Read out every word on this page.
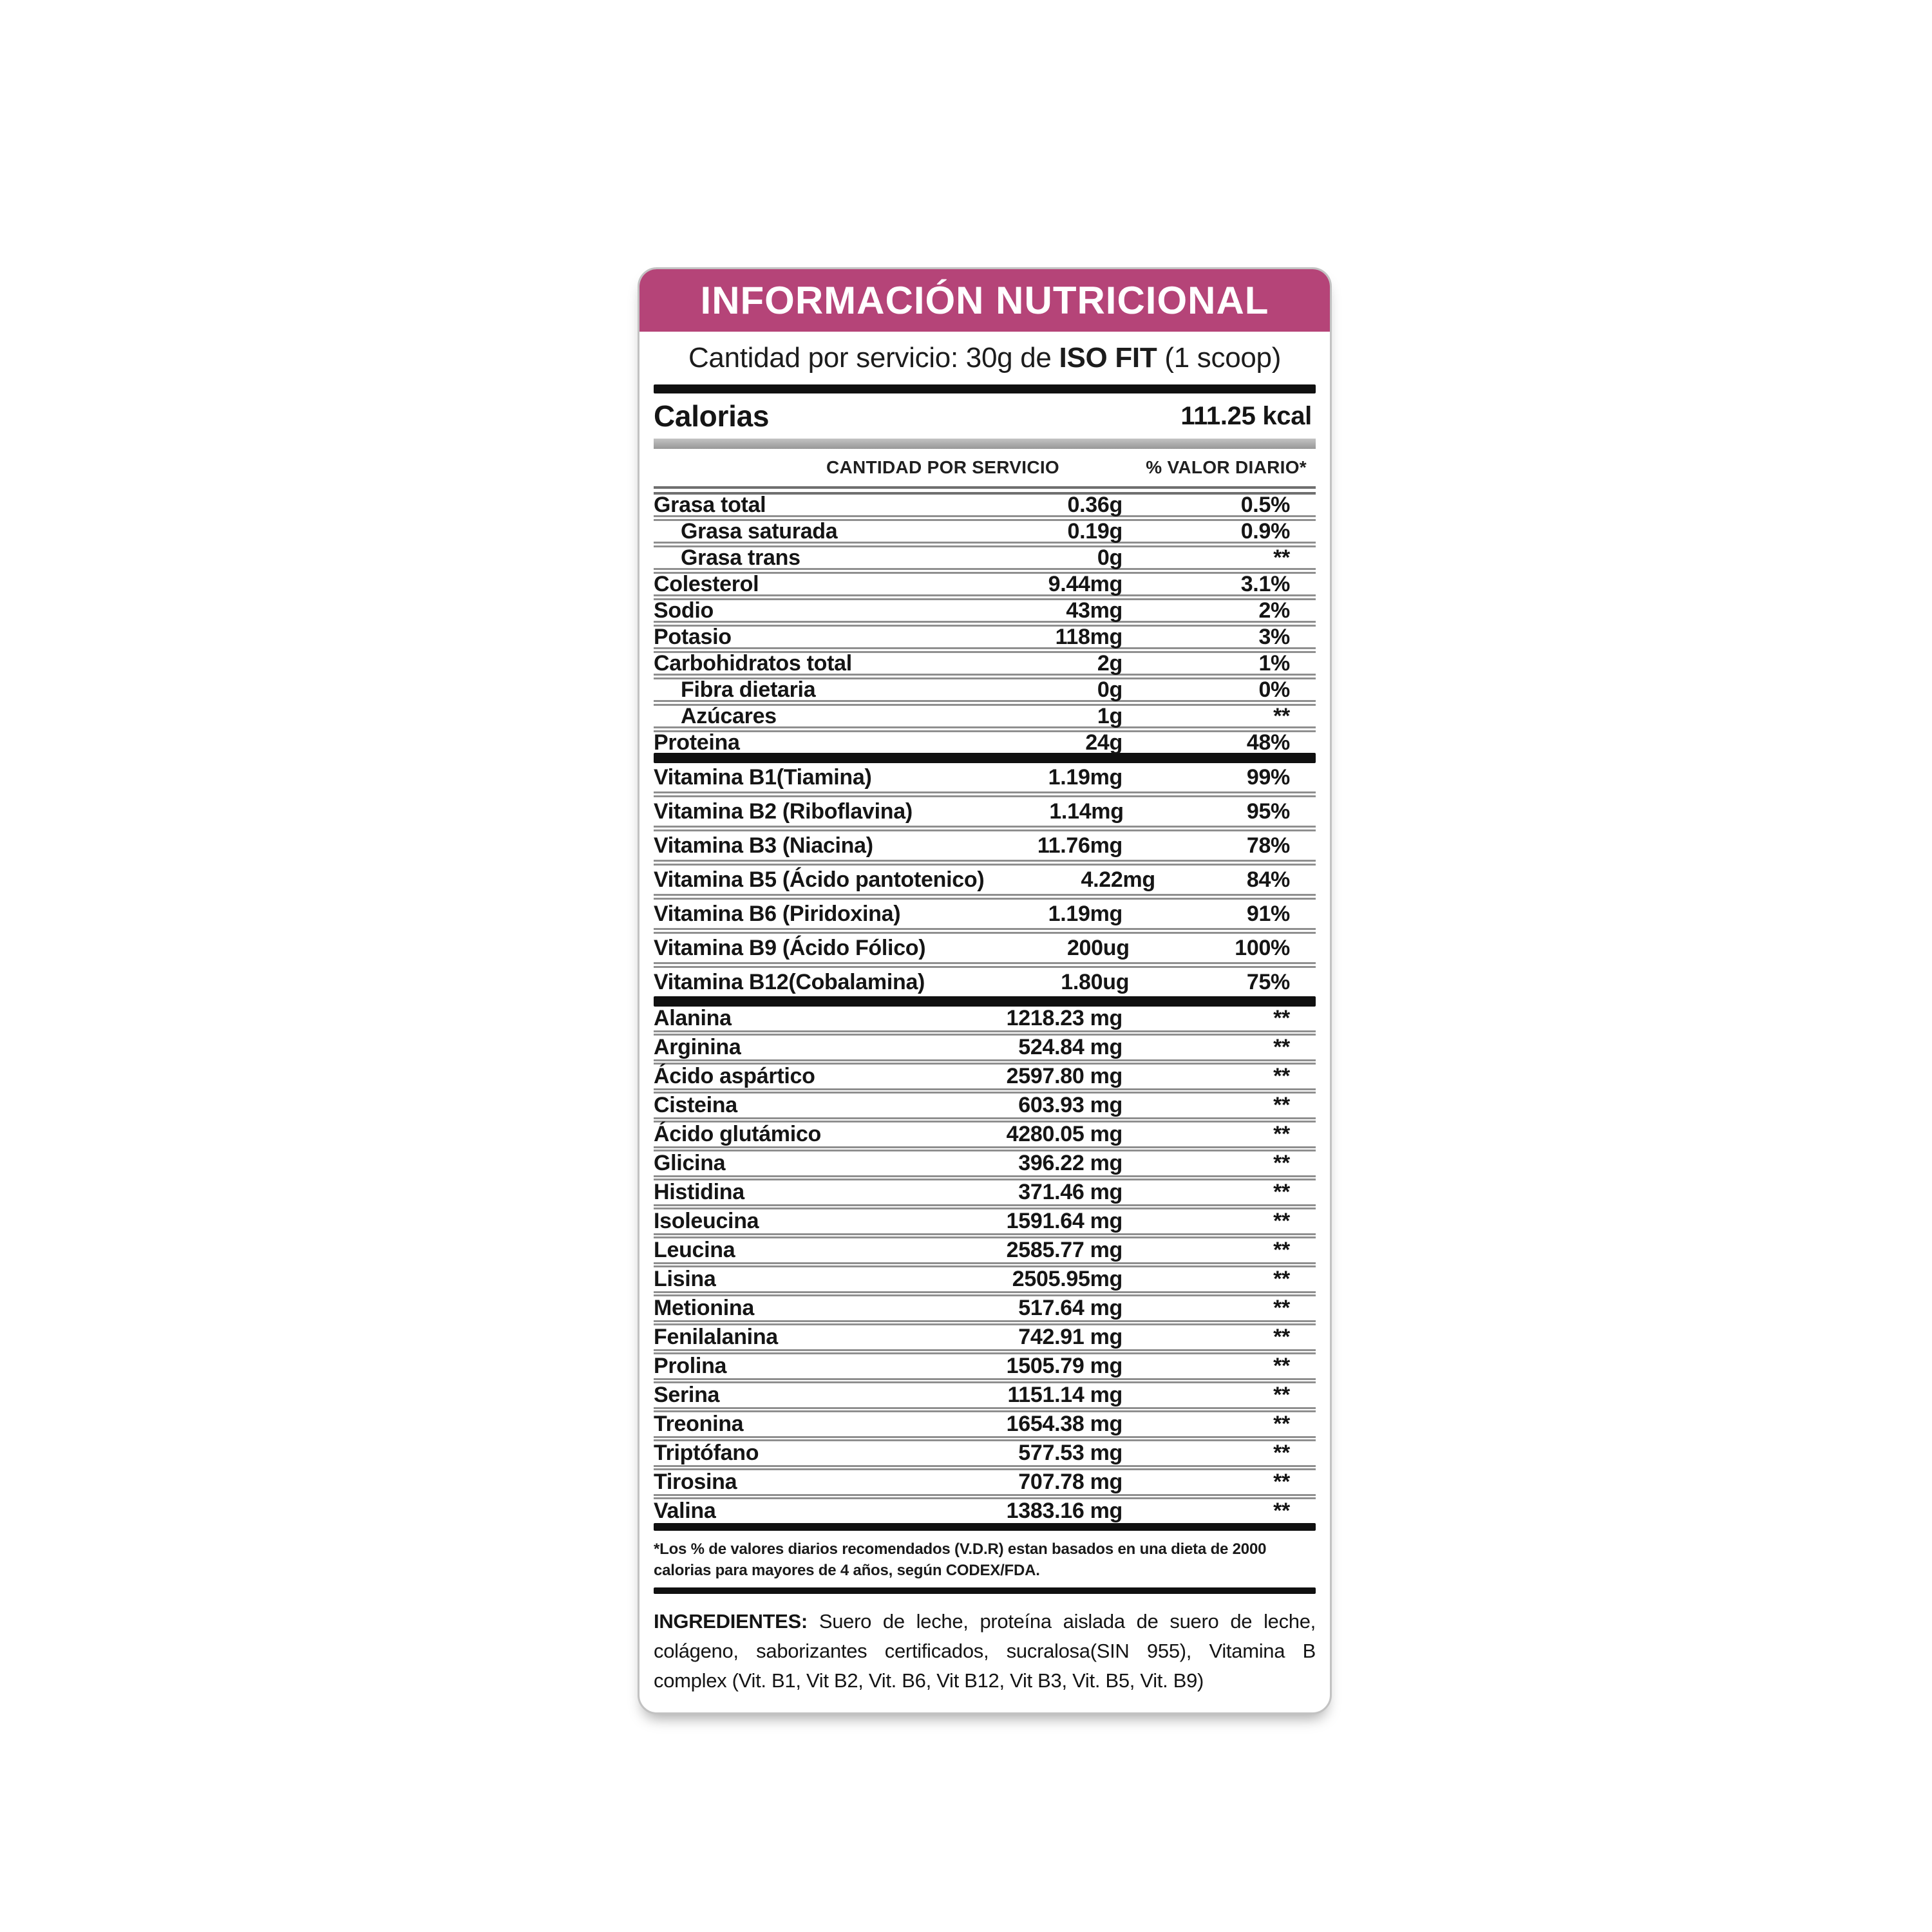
INFORMACIÓN NUTRICIONAL
Cantidad por servicio: 30g de ISO FIT (1 scoop)
Calorias	111.25 kcal
CANTIDAD POR SERVICIO	% VALOR DIARIO*
Grasa total	0.36g	0.5%
Grasa saturada	0.19g	0.9%
Grasa trans	0g	**
Colesterol	9.44mg	3.1%
Sodio	43mg	2%
Potasio	118mg	3%
Carbohidratos total	2g	1%
Fibra dietaria	0g	0%
Azúcares	1g	**
Proteina	24g	48%
Vitamina B1(Tiamina)	1.19mg	99%
Vitamina B2 (Riboflavina)	1.14mg	95%
Vitamina B3 (Niacina)	11.76mg	78%
Vitamina B5 (Ácido pantotenico)	4.22mg	84%
Vitamina B6 (Piridoxina)	1.19mg	91%
Vitamina B9 (Ácido Fólico)	200ug	100%
Vitamina B12(Cobalamina)	1.80ug	75%
Alanina	1218.23 mg	**
Arginina	524.84 mg	**
Ácido aspártico	2597.80 mg	**
Cisteina	603.93 mg	**
Ácido glutámico	4280.05 mg	**
Glicina	396.22 mg	**
Histidina	371.46 mg	**
Isoleucina	1591.64 mg	**
Leucina	2585.77 mg	**
Lisina	2505.95mg	**
Metionina	517.64 mg	**
Fenilalanina	742.91 mg	**
Prolina	1505.79 mg	**
Serina	1151.14 mg	**
Treonina	1654.38 mg	**
Triptófano	577.53 mg	**
Tirosina	707.78 mg	**
Valina	1383.16 mg	**
*Los % de valores diarios recomendados (V.D.R) estan basados en una dieta de 2000 calorias para mayores de 4 años, según CODEX/FDA.
INGREDIENTES: Suero de leche, proteína aislada de suero de leche, colágeno, saborizantes certificados, sucralosa(SIN 955), Vitamina B complex (Vit. B1, Vit B2, Vit. B6, Vit B12, Vit B3, Vit. B5, Vit. B9)
